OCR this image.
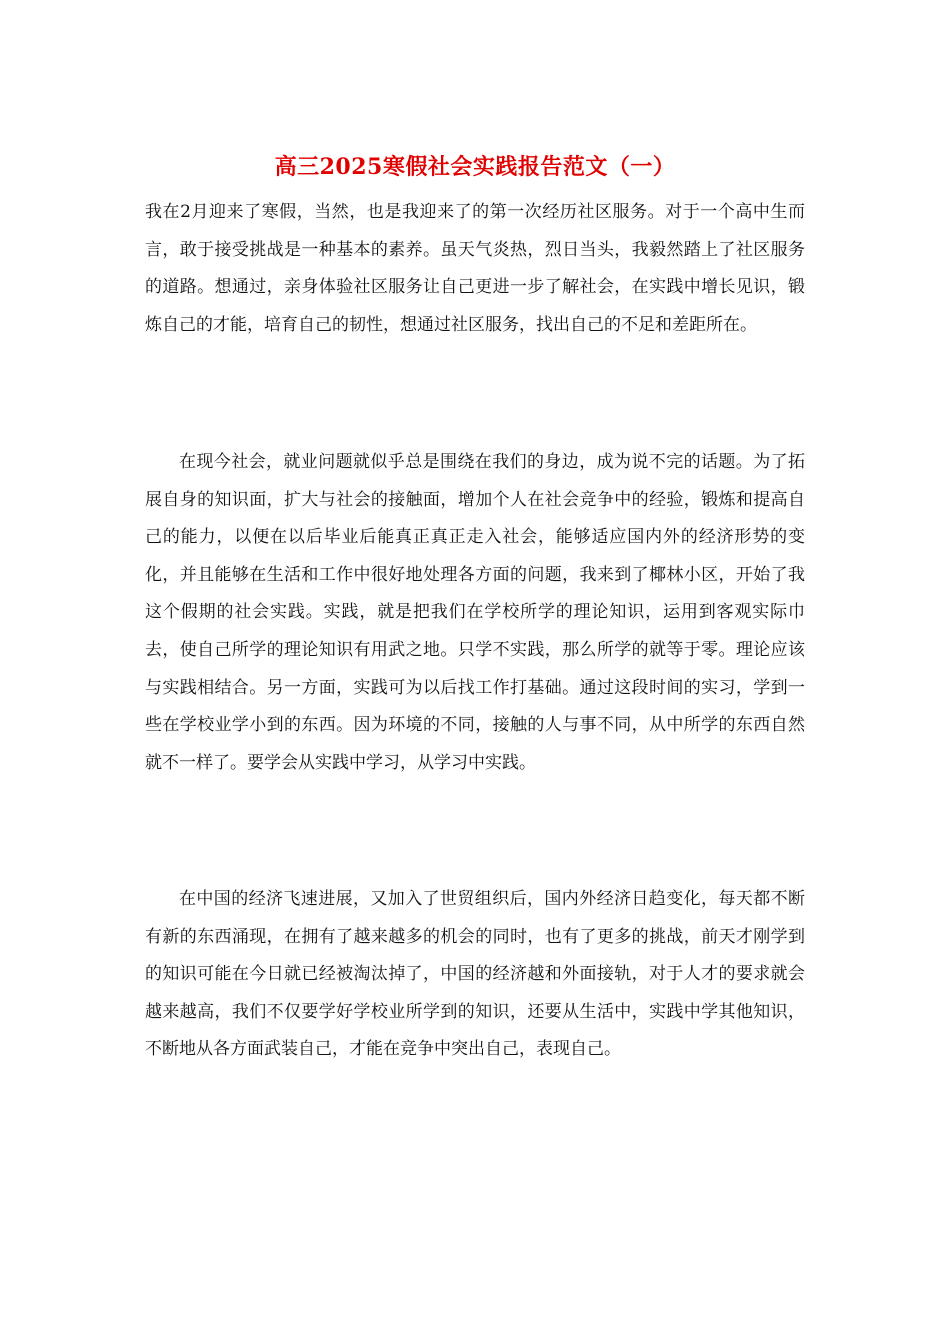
高三2025寒假社会实践报告范文（一）
我在2月迎来了寒假，当然，也是我迎来了的第一次经历社区服务。对于一个高中生而言，敢于接受挑战是一种基本的素养。虽天气炎热，烈日当头，我毅然踏上了社区服务的道路。想通过，亲身体验社区服务让自己更进一步了解社会，在实践中增长见识，锻炼自己的才能，培育自己的韧性，想通过社区服务，找出自己的不足和差距所在。
在现今社会，就业问题就似乎总是围绕在我们的身边，成为说不完的话题。为了拓展自身的知识面，扩大与社会的接触面，增加个人在社会竞争中的经验，锻炼和提高自己的能力，以便在以后毕业后能真正真正走入社会，能够适应国内外的经济形势的变化，并且能够在生活和工作中很好地处理各方面的问题，我来到了椰林小区，开始了我这个假期的社会实践。实践，就是把我们在学校所学的理论知识，运用到客观实际巾去，使自己所学的理论知识有用武之地。只学不实践，那么所学的就等于零。理论应该与实践相结合。另一方面，实践可为以后找工作打基础。通过这段时间的实习，学到一些在学校业学小到的东西。因为环境的不同，接触的人与事不同，从中所学的东西自然就不一样了。要学会从实践中学习，从学习中实践。
在中国的经济飞速进展，又加入了世贸组织后，国内外经济日趋变化，每天都不断有新的东西涌现，在拥有了越来越多的机会的同时，也有了更多的挑战，前天才刚学到的知识可能在今日就已经被淘汰掉了，中国的经济越和外面接轨，对于人才的要求就会越来越高，我们不仅要学好学校业所学到的知识，还要从生活中，实践中学其他知识，不断地从各方面武装自己，才能在竞争中突出自己，表现自己。
